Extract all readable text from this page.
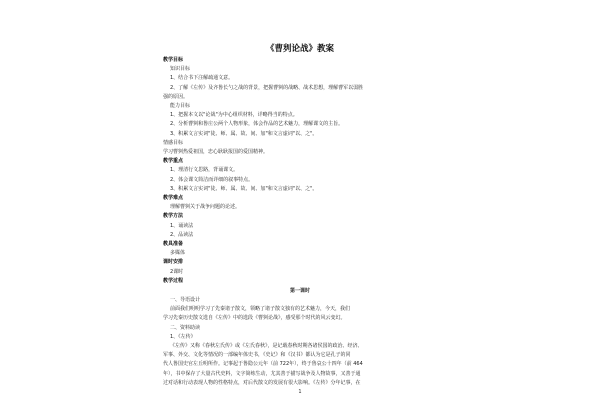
《曹刿论战》教案
教学目标
知识目标
1、结合书下注解疏通文意。
2、了解《左传》及齐鲁长勺之战的背景，把握曹刿的战略、战术思想，理解曹军以弱胜
强的原因。
能力目标
1、把握本文以"论战"为中心组织材料，详略得当的特点。
2、分析曹刿和鲁庄公两个人物形象，体会作品的艺术魅力，理解课文的主旨。
3、积累文言实词"徒、师、属、故、间、加"和文言虚词"以、之"。
情感目标
学习曹刿热爱祖国，忠心耿耿报国的爱国精神。
教学重点
1、理清行文思路，背诵课文。
2、体会课文简洁而详细的叙事特点。
3、积累文言实词"徒、师、属、故、间、加"和文言虚词"以、之"。
教学难点
理解曹刿关于战争问题的论述。
教学方法
1、诵读法
2、品读法
教具准备
多媒体
课时安排
2课时
教学过程
第一课时
一、导语设计
前面我们明明学习了先秦诸子散文，领略了诸子散文独有的艺术魅力，今天，我们
学习先秦历史散文选自《左传》中的选段《曹刿论战》，感受那个时代的风云变幻。
二、资料助读
1、《左传》
《左传》又称《春秋左氏传》或《左氏春秋》，是记载春秋时期各诸侯国的政治、经济、
军事、外交、文化等情况的一部编年体史书，《史记》和《汉书》都认为它是孔子的同
代人鲁国史官左丘明所作。记事起于鲁隐公元年（前 722年），终于鲁哀公十四年（前 464
年），书中保存了大量古代史料，文字简练生动，尤其善于描写战争及人物故事，又善于通
过对话和行动表现人物的性格特点，对后代散文的发展有很大影响。《左传》分年记事，在
1
